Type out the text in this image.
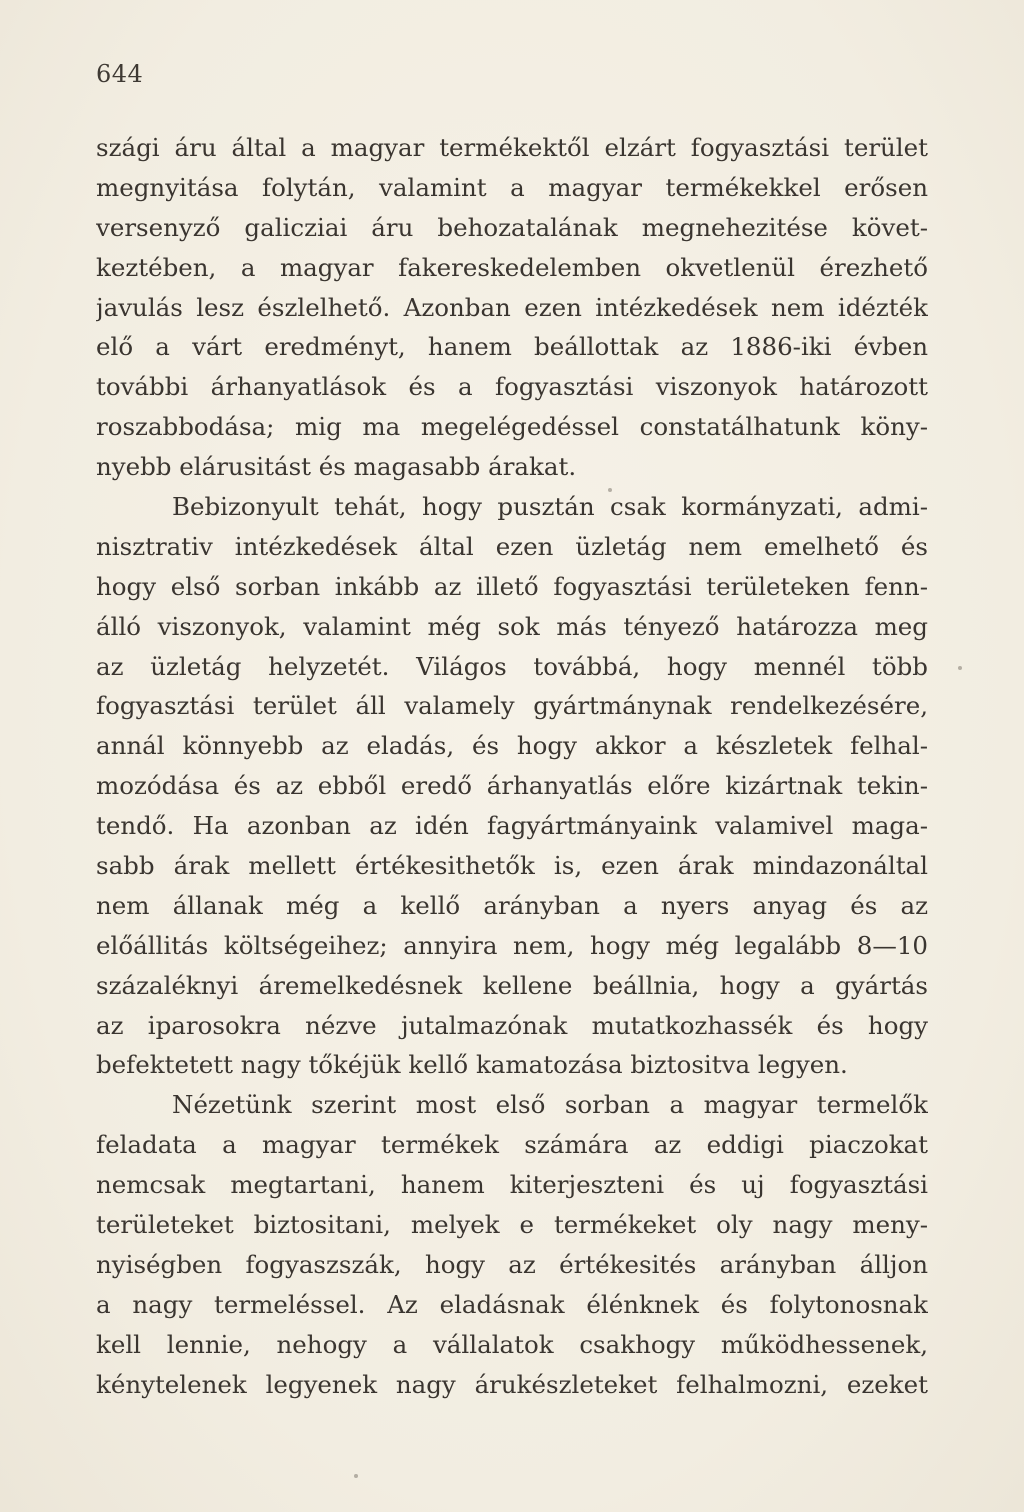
644
szági áru által a magyar termékektől elzárt fogyasztási terület
megnyitása folytán, valamint a magyar termékekkel erősen
versenyző galicziai áru behozatalának megnehezitése követ-
keztében, a magyar fakereskedelemben okvetlenül érezhető
javulás lesz észlelhető. Azonban ezen intézkedések nem idézték
elő a várt eredményt, hanem beállottak az 1886-iki évben
további árhanyatlások és a fogyasztási viszonyok határozott
roszabbodása; mig ma megelégedéssel constatálhatunk köny-
nyebb elárusitást és magasabb árakat.
Bebizonyult tehát, hogy pusztán csak kormányzati, admi-
nisztrativ intézkedések által ezen üzletág nem emelhető és
hogy első sorban inkább az illető fogyasztási területeken fenn-
álló viszonyok, valamint még sok más tényező határozza meg
az üzletág helyzetét. Világos továbbá, hogy mennél több
fogyasztási terület áll valamely gyártmánynak rendelkezésére,
annál könnyebb az eladás, és hogy akkor a készletek felhal-
mozódása és az ebből eredő árhanyatlás előre kizártnak tekin-
tendő. Ha azonban az idén fagyártmányaink valamivel maga-
sabb árak mellett értékesithetők is, ezen árak mindazonáltal
nem állanak még a kellő arányban a nyers anyag és az
előállitás költségeihez; annyira nem, hogy még legalább 8—10
százaléknyi áremelkedésnek kellene beállnia, hogy a gyártás
az iparosokra nézve jutalmazónak mutatkozhassék és hogy
befektetett nagy tőkéjük kellő kamatozása biztositva legyen.
Nézetünk szerint most első sorban a magyar termelők
feladata a magyar termékek számára az eddigi piaczokat
nemcsak megtartani, hanem kiterjeszteni és uj fogyasztási
területeket biztositani, melyek e termékeket oly nagy meny-
nyiségben fogyaszszák, hogy az értékesités arányban álljon
a nagy termeléssel. Az eladásnak élénknek és folytonosnak
kell lennie, nehogy a vállalatok csakhogy működhessenek,
kénytelenek legyenek nagy árukészleteket felhalmozni, ezeket
